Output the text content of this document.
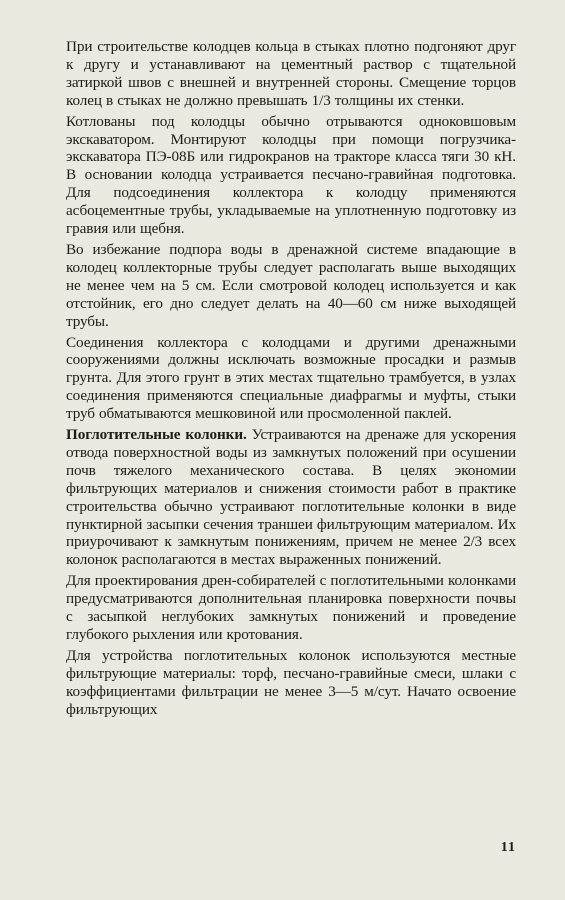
При строительстве колодцев кольца в стыках плотно подгоняют друг к другу и устанавливают на цементный раствор с тщательной затиркой швов с внешней и внутренней стороны. Смещение торцов колец в стыках не должно превышать 1/3 толщины их стенки.

Котлованы под колодцы обычно отрываются одноковшовым экскаватором. Монтируют колодцы при помощи погрузчика-экскаватора ПЭ-08Б или гидрокранов на тракторе класса тяги 30 кН. В основании колодца устраивается песчано-гравийная подготовка. Для подсоединения коллектора к колодцу применяются асбоцементные трубы, укладываемые на уплотненную подготовку из гравия или щебня.

Во избежание подпора воды в дренажной системе впадающие в колодец коллекторные трубы следует располагать выше выходящих не менее чем на 5 см. Если смотровой колодец используется и как отстойник, его дно следует делать на 40—60 см ниже выходящей трубы.

Соединения коллектора с колодцами и другими дренажными сооружениями должны исключать возможные просадки и размыв грунта. Для этого грунт в этих местах тщательно трамбуется, в узлах соединения применяются специальные диафрагмы и муфты, стыки труб обматываются мешковиной или просмоленной паклей.

Поглотительные колонки. Устраиваются на дренаже для ускорения отвода поверхностной воды из замкнутых положений при осушении почв тяжелого механического состава. В целях экономии фильтрующих материалов и снижения стоимости работ в практике строительства обычно устраивают поглотительные колонки в виде пунктирной засыпки сечения траншеи фильтрующим материалом. Их приурочивают к замкнутым понижениям, причем не менее 2/3 всех колонок располагаются в местах выраженных понижений.

Для проектирования дрен-собирателей с поглотительными колонками предусматриваются дополнительная планировка поверхности почвы с засыпкой неглубоких замкнутых понижений и проведение глубокого рыхления или кротования.

Для устройства поглотительных колонок используются местные фильтрующие материалы: торф, песчано-гравийные смеси, шлаки с коэффициентами фильтрации не менее 3—5 м/сут. Начато освоение фильтрующих

11
